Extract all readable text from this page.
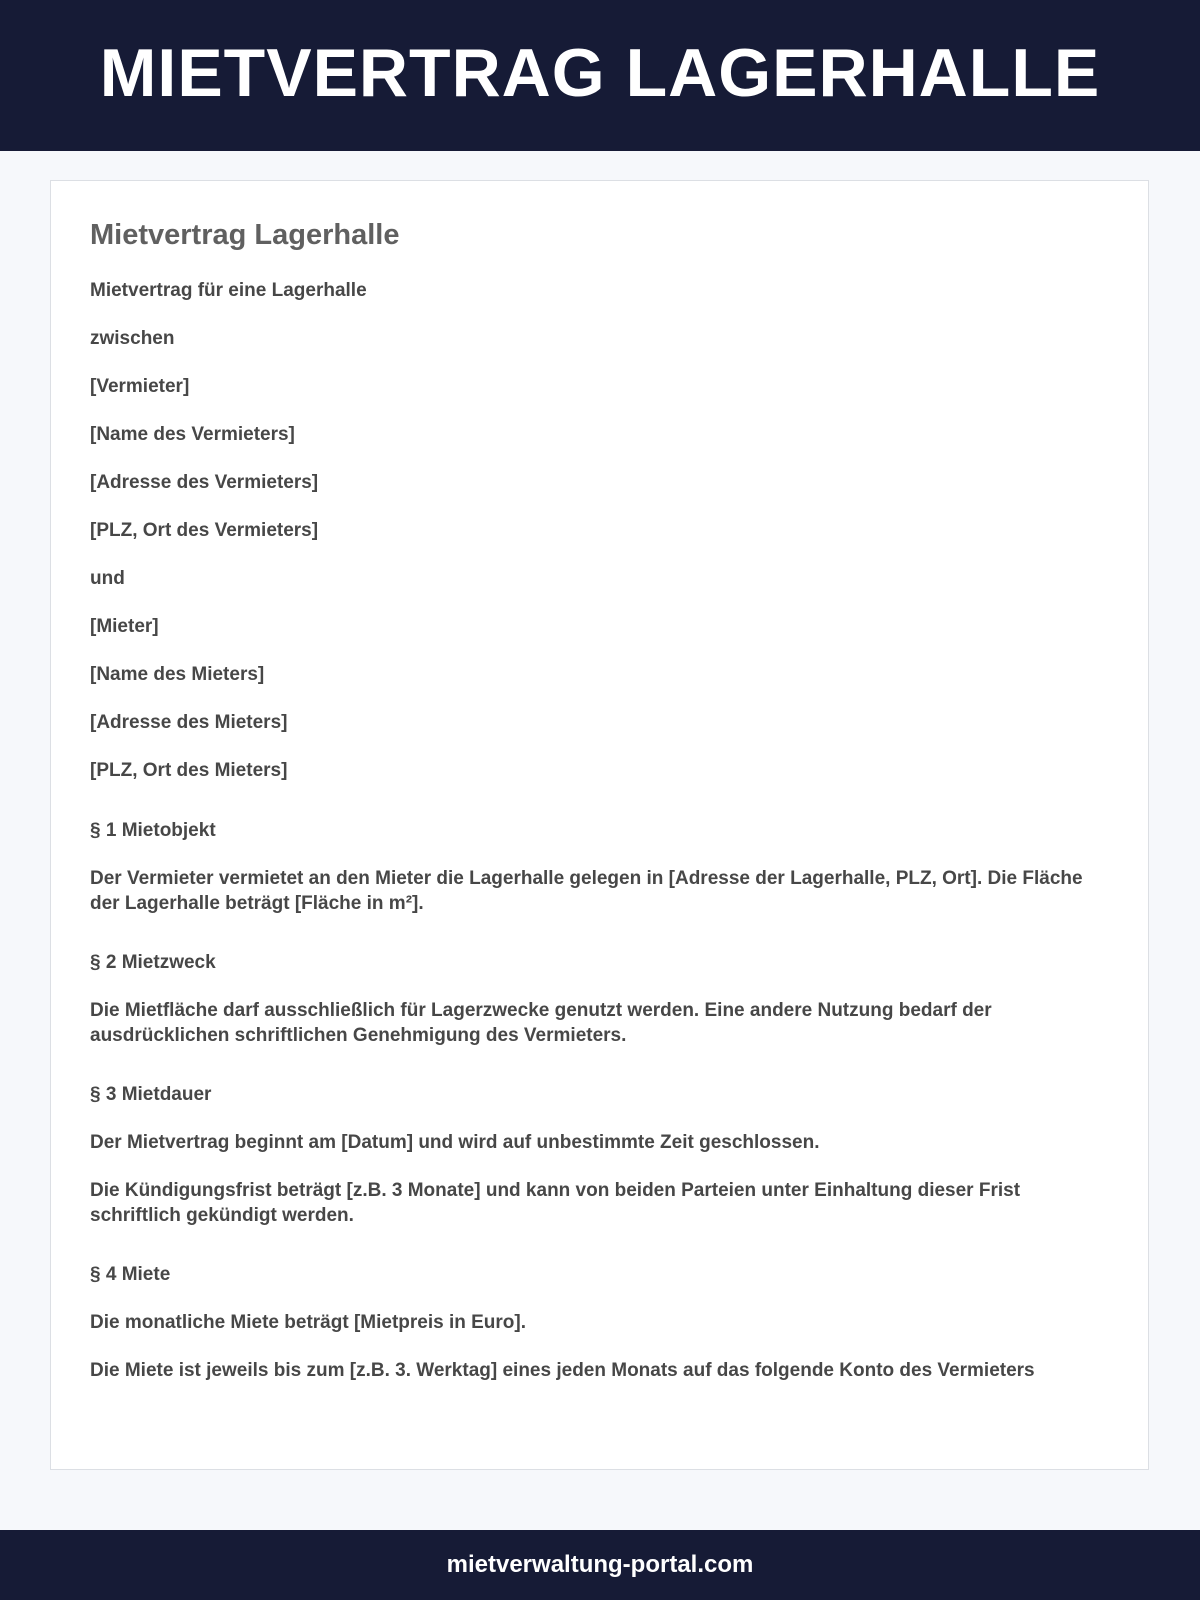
MIETVERTRAG LAGERHALLE
Mietvertrag Lagerhalle

Mietvertrag für eine Lagerhalle

zwischen

[Vermieter]

[Name des Vermieters]

[Adresse des Vermieters]

[PLZ, Ort des Vermieters]

und

[Mieter]

[Name des Mieters]

[Adresse des Mieters]

[PLZ, Ort des Mieters]

§ 1 Mietobjekt

Der Vermieter vermietet an den Mieter die Lagerhalle gelegen in [Adresse der Lagerhalle, PLZ, Ort]. Die Fläche der Lagerhalle beträgt [Fläche in m²].

§ 2 Mietzweck

Die Mietfläche darf ausschließlich für Lagerzwecke genutzt werden. Eine andere Nutzung bedarf der ausdrücklichen schriftlichen Genehmigung des Vermieters.

§ 3 Mietdauer

Der Mietvertrag beginnt am [Datum] und wird auf unbestimmte Zeit geschlossen.

Die Kündigungsfrist beträgt [z.B. 3 Monate] und kann von beiden Parteien unter Einhaltung dieser Frist schriftlich gekündigt werden.

§ 4 Miete

Die monatliche Miete beträgt [Mietpreis in Euro].

Die Miete ist jeweils bis zum [z.B. 3. Werktag] eines jeden Monats auf das folgende Konto des Vermieters

mietverwaltung-portal.com
